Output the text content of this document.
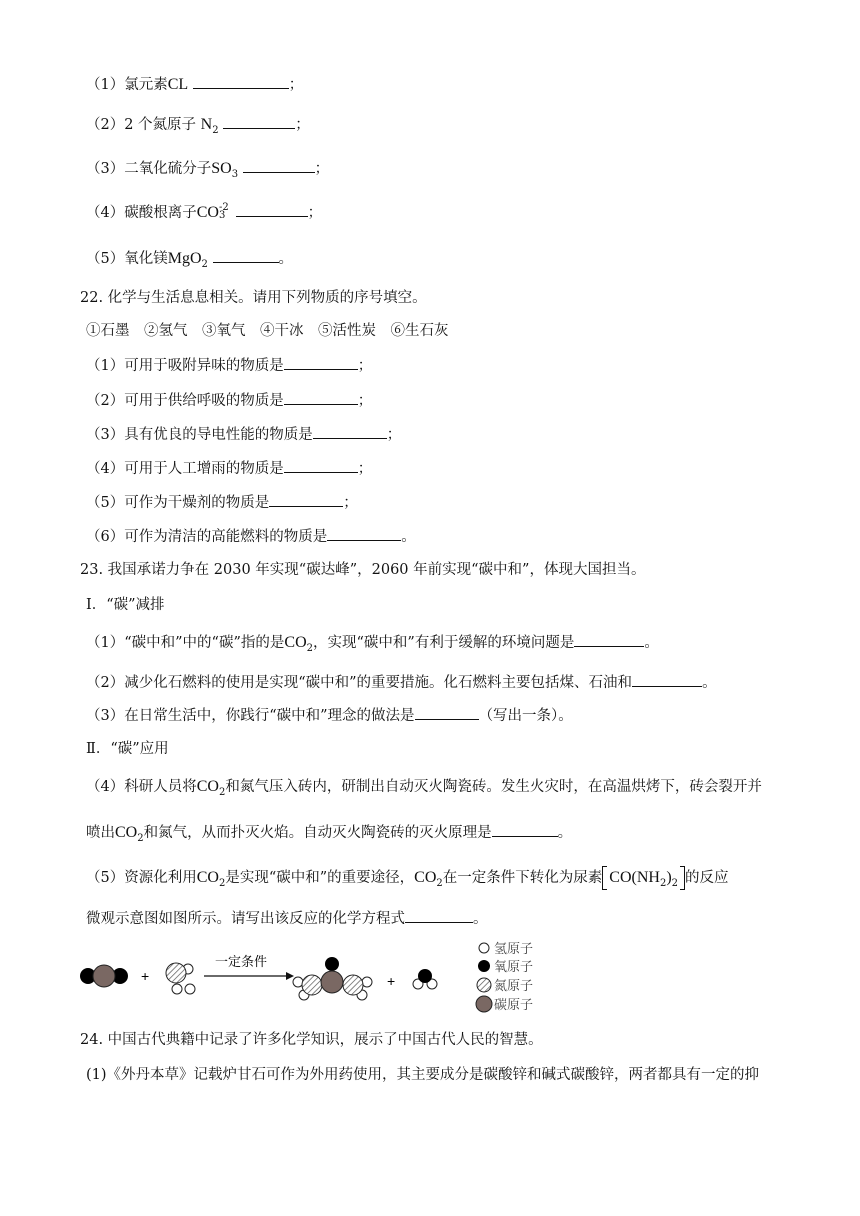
（1）氯元素CL	；
（2）2 个氮原子 $N_2$	；
（3）二氧化硫分子$SO_3$	；
（4）碳酸根离子CO -2
3	；
（5）氧化镁MgO$_2$	。
22. 化学与生活息息相关。请用下列物质的序号填空。
①石墨　②氢气　③氧气　④干冰　⑤活性炭　⑥生石灰
（1）可用于吸附异味的物质是	；
（2）可用于供给呼吸的物质是	；
（3）具有优良的导电性能的物质是	；
（4）可用于人工增雨的物质是	；
（5）可作为干燥剂的物质是	；
（6）可作为清洁的高能燃料的物质是	。
23. 我国承诺力争在 2030 年实现“碳达峰”，2060 年前实现“碳中和”，体现大国担当。
I．“碳”减排
（1）“碳中和”中的“碳”指的是$CO_2$，实现“碳中和”有利于缓解的环境问题是	。
（2）减少化石燃料的使用是实现“碳中和”的重要措施。化石燃料主要包括煤、石油和	。
（3）在日常生活中，你践行“碳中和”理念的做法是	（写出一条）。
Ⅱ．“碳”应用
（4）科研人员将$CO_2$和氮气压入砖内，研制出自动灭火陶瓷砖。发生火灾时，在高温烘烤下，砖会裂开并
喷出$CO_2$和氮气，从而扑灭火焰。自动灭火陶瓷砖的灭火原理是	。
（5）资源化利用$CO_2$是实现“碳中和”的重要途径，$CO_2$在一定条件下转化为尿素 $CO(NH_2)_2$ 的反应
微观示意图如图所示。请写出该反应的化学方程式	。
+
一定条件
+
氢原子
氧原子
氮原子
碳原子
24. 中国古代典籍中记录了许多化学知识，展示了中国古代人民的智慧。
(1)《外丹本草》记载炉甘石可作为外用药使用，其主要成分是碳酸锌和碱式碳酸锌，两者都具有一定的抑
